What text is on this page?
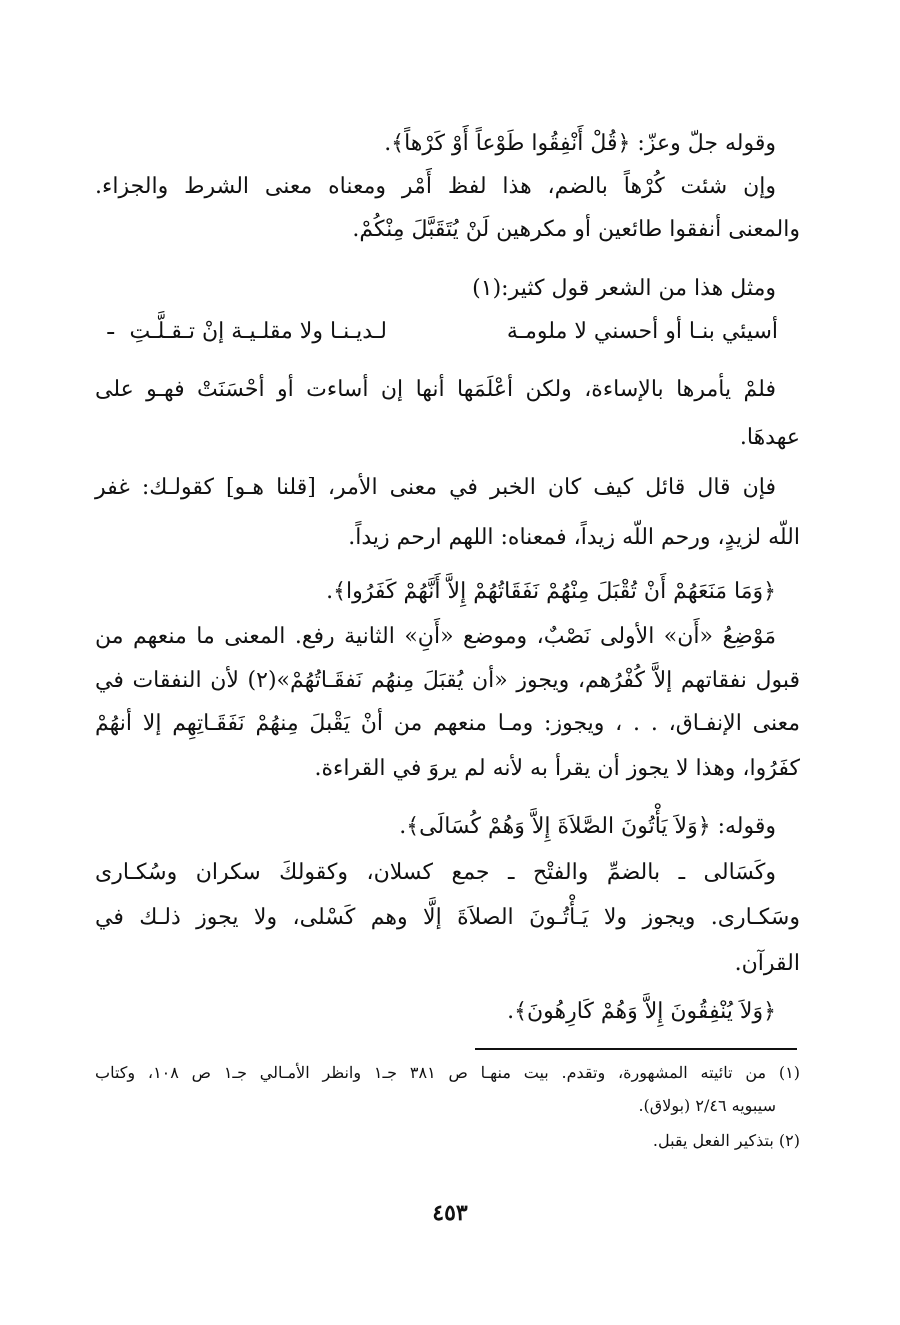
وقوله جلّ وعزّ: ﴿قُلْ أَنْفِقُوا طَوْعاً أَوْ كَرْهاً﴾.
وإن شئت كُرْهاً بالضم، هذا لفظ أَمْر ومعناه معنى الشرط والجزاء.
والمعنى أنفقوا طائعين أو مكرهين لَنْ يُتَقَبَّلَ مِنْكُمْ.
ومثل هذا من الشعر قول كثير:(١)
ـ	أسيئي بنـا أو أحسني لا ملومـة
لـديـنـا ولا مقلـيـة إنْ تـقـلَّـتِ
فلمْ يأمرها بالإساءة، ولكن أعْلَمَها أنها إن أساءت أو أحْسَنَتْ فهـو على
عهدهَا.
فإن قال قائل كيف كان الخبر في معنى الأمر، [قلنا هـو] كقولـك: غفر
اللّه لزيدٍ، ورحم اللّه زيداً، فمعناه: اللهم ارحم زيداً.
﴿وَمَا مَنَعَهُمْ أَنْ تُقْبَلَ مِنْهُمْ نَفَقَاتُهُمْ إِلاَّ أَنَّهُمْ كَفَرُوا﴾.
مَوْضِعُ «أَن» الأولى نَصْبٌ، وموضع «أَنِ» الثانية رفع. المعنى ما منعهم من
قبول نفقاتهم إلاَّ كُفْرُهم، ويجوز «أن يُقبَلَ مِنهُم نَفقَـاتُهُمْ»(٢) لأن النفقات في
معنى الإنفـاق، . . ، ويجوز: ومـا منعهم من أنْ يَقْبلَ مِنهُمْ نَفَقَـاتِهِم إلا أنهُمْ
كفَرُوا، وهذا لا يجوز أن يقرأ به لأنه لم يروَ في القراءة.
وقوله: ﴿وَلاَ يَأْتُونَ الصَّلاَةَ إِلاَّ وَهُمْ كُسَالَى﴾.
وكَسَالى ـ بالضمِّ والفتْح ـ جمع كسلان، وكقولكَ سكران وسُكـارى
وسَكـارى. ويجوز ولا يَـأْتُـونَ الصلاَةَ إلَّا وهم كَسْلى، ولا يجوز ذلـك في
القرآن.
﴿وَلاَ يُنْفِقُونَ إِلاَّ وَهُمْ كَارِهُونَ﴾.
(١) من تائيته المشهورة، وتقدم. بيت منهـا ص ٣٨١ جـ١ وانظر الأمـالي جـ١ ص ١٠٨، وكتاب
سيبويه ٢/٤٦ (بولاق).
(٢) بتذكير الفعل يقبل.
٤٥٣
